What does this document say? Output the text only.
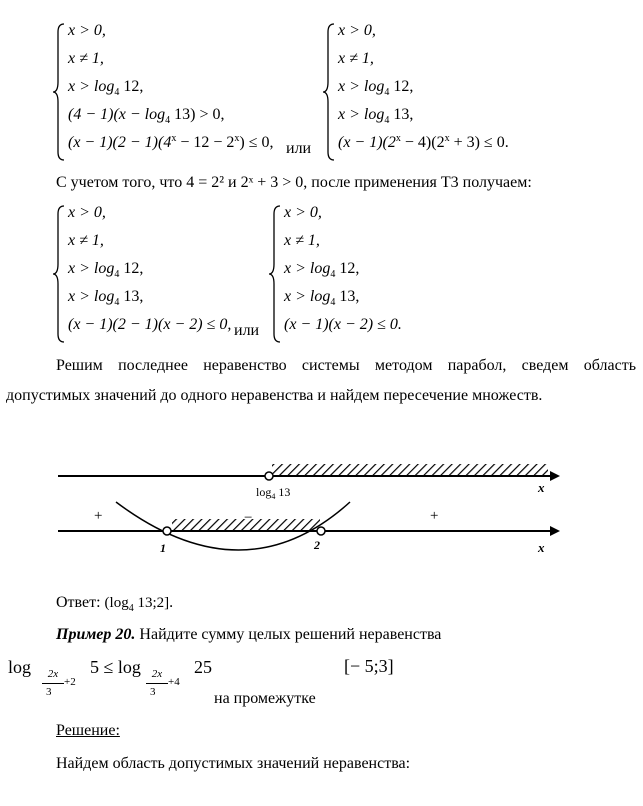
x > 0,
x ≠ 1,
$x > \log_4 12$,
$(4 - 1)(x - \log_4 13) > 0$,
$(x - 1)(2 - 1)(4^x - 12 - 2^x) \le 0$, или
x > 0,
x ≠ 1,
$x > \log_4 12$,
$x > \log_4 13$,
$(x - 1)(2^x - 4)(2^x + 3) \le 0$.
С учетом того, что 4 = 2² и 2ˣ + 3 > 0, после применения Т3 получаем:
x > 0,
x ≠ 1,
$x > \log_4 12$,
$x > \log_4 13$,
(x − 1)(2 − 1)(x − 2) ≤ 0, или
x > 0,
x ≠ 1,
$x > \log_4 12$,
$x > \log_4 13$,
(x − 1)(x − 2) ≤ 0.
Решим последнее неравенство системы методом парабол, сведем область допустимых значений до одного неравенства и найдем пересечение множеств.
$\log_4 13$	x
+	−	+
1	2	x
Ответ: ($\log_4$ 13;2].
Пример 20. Найдите сумму целых решений неравенства
log	2x
3
+2
5 ≤ log 2x
3
+4
25	[− 5;3]
на промежутке
Решение:
Найдем область допустимых значений неравенства:
